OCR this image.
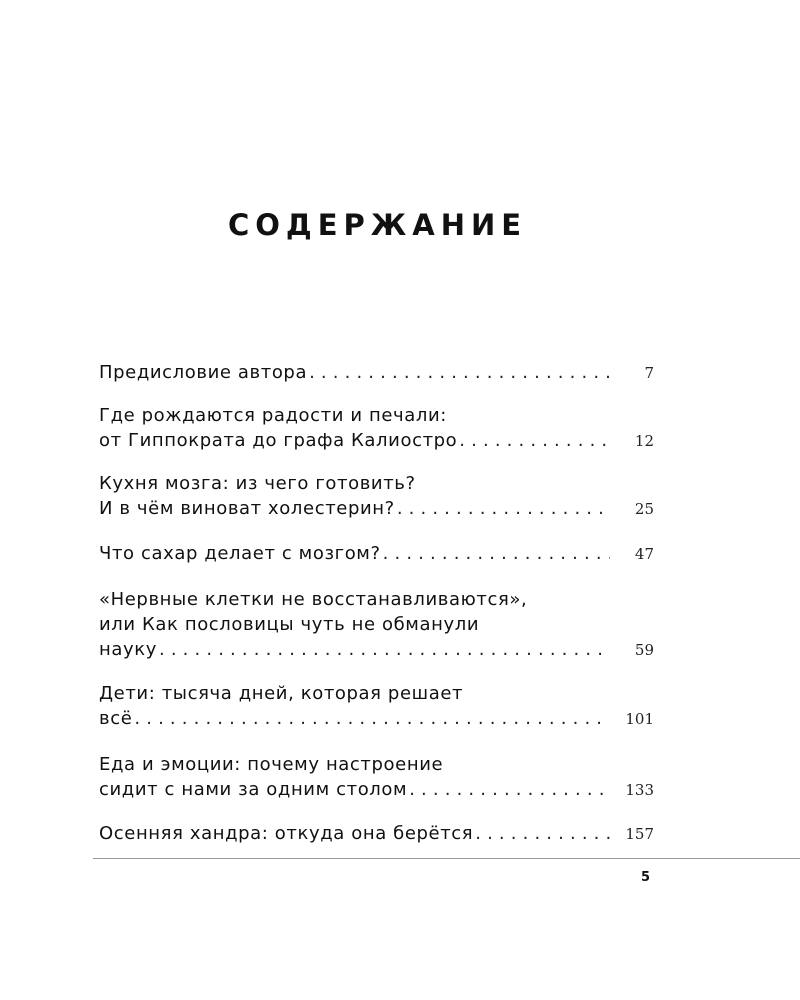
СОДЕРЖАНИЕ
Предисловие автора . . .	7
Где рождаются радости и печали:
от Гиппократа до графа Калиостро . . .	12
Кухня мозга: из чего готовить?
И в чём виноват холестерин? . . .	25
Что сахар делает с мозгом? . . .	47
«Нервные клетки не восстанавливаются»,
или Как пословицы чуть не обманули
науку . . .	59
Дети: тысяча дней, которая решает
всё . . .	101
Еда и эмоции: почему настроение
сидит с нами за одним столом . . .	133
Осенняя хандра: откуда она берётся . . .	157
5
